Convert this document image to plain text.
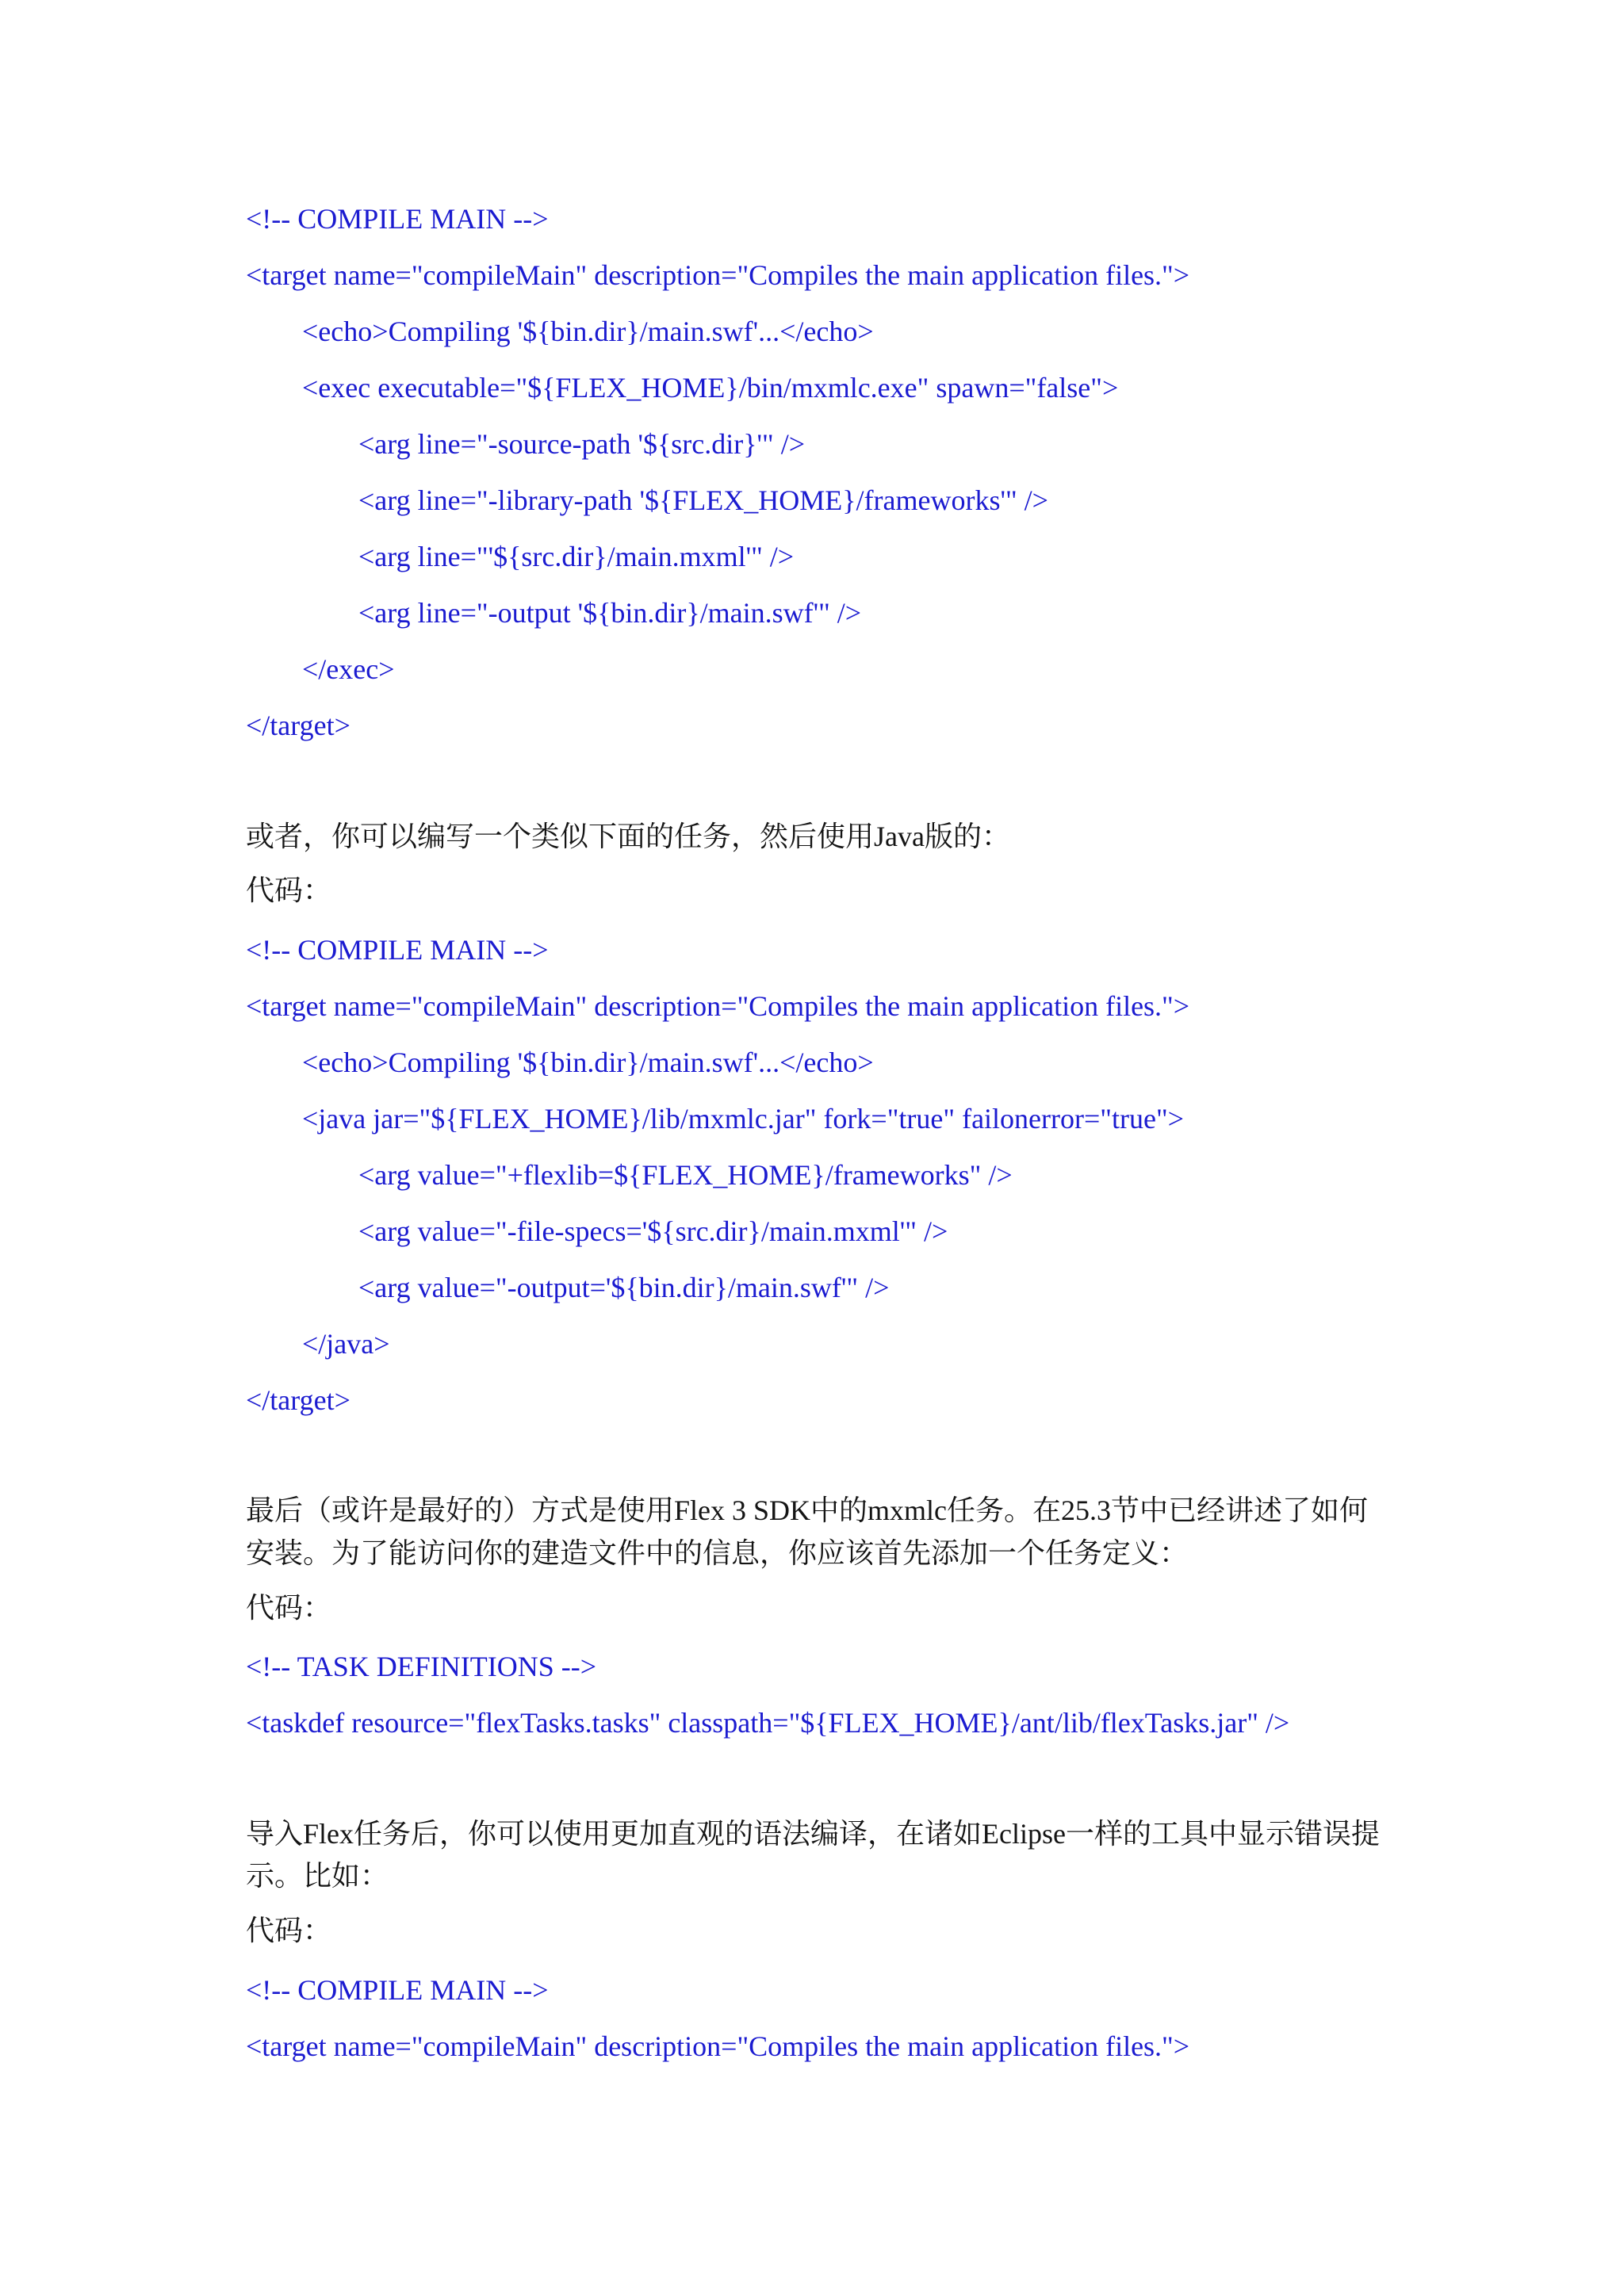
<!-- COMPILE MAIN -->
<target name="compileMain" description="Compiles the main application files.">
<echo>Compiling '${bin.dir}/main.swf'...</echo>
<exec executable="${FLEX_HOME}/bin/mxmlc.exe" spawn="false">
<arg line="-source-path '${src.dir}'" />
<arg line="-library-path '${FLEX_HOME}/frameworks'" />
<arg line="'${src.dir}/main.mxml'" />
<arg line="-output '${bin.dir}/main.swf'" />
</exec>
</target>
或者，你可以编写一个类似下面的任务，然后使用Java版的：
代码：
<!-- COMPILE MAIN -->
<target name="compileMain" description="Compiles the main application files.">
<echo>Compiling '${bin.dir}/main.swf'...</echo>
<java jar="${FLEX_HOME}/lib/mxmlc.jar" fork="true" failonerror="true">
<arg value="+flexlib=${FLEX_HOME}/frameworks" />
<arg value="-file-specs='${src.dir}/main.mxml'" />
<arg value="-output='${bin.dir}/main.swf'" />
</java>
</target>
最后（或许是最好的）方式是使用Flex 3 SDK中的mxmlc任务。在25.3节中已经讲述了如何
安装。为了能访问你的建造文件中的信息，你应该首先添加一个任务定义：
代码：
<!-- TASK DEFINITIONS -->
<taskdef resource="flexTasks.tasks" classpath="${FLEX_HOME}/ant/lib/flexTasks.jar" />
导入Flex任务后，你可以使用更加直观的语法编译，在诸如Eclipse一样的工具中显示错误提
示。比如：
代码：
<!-- COMPILE MAIN -->
<target name="compileMain" description="Compiles the main application files.">
